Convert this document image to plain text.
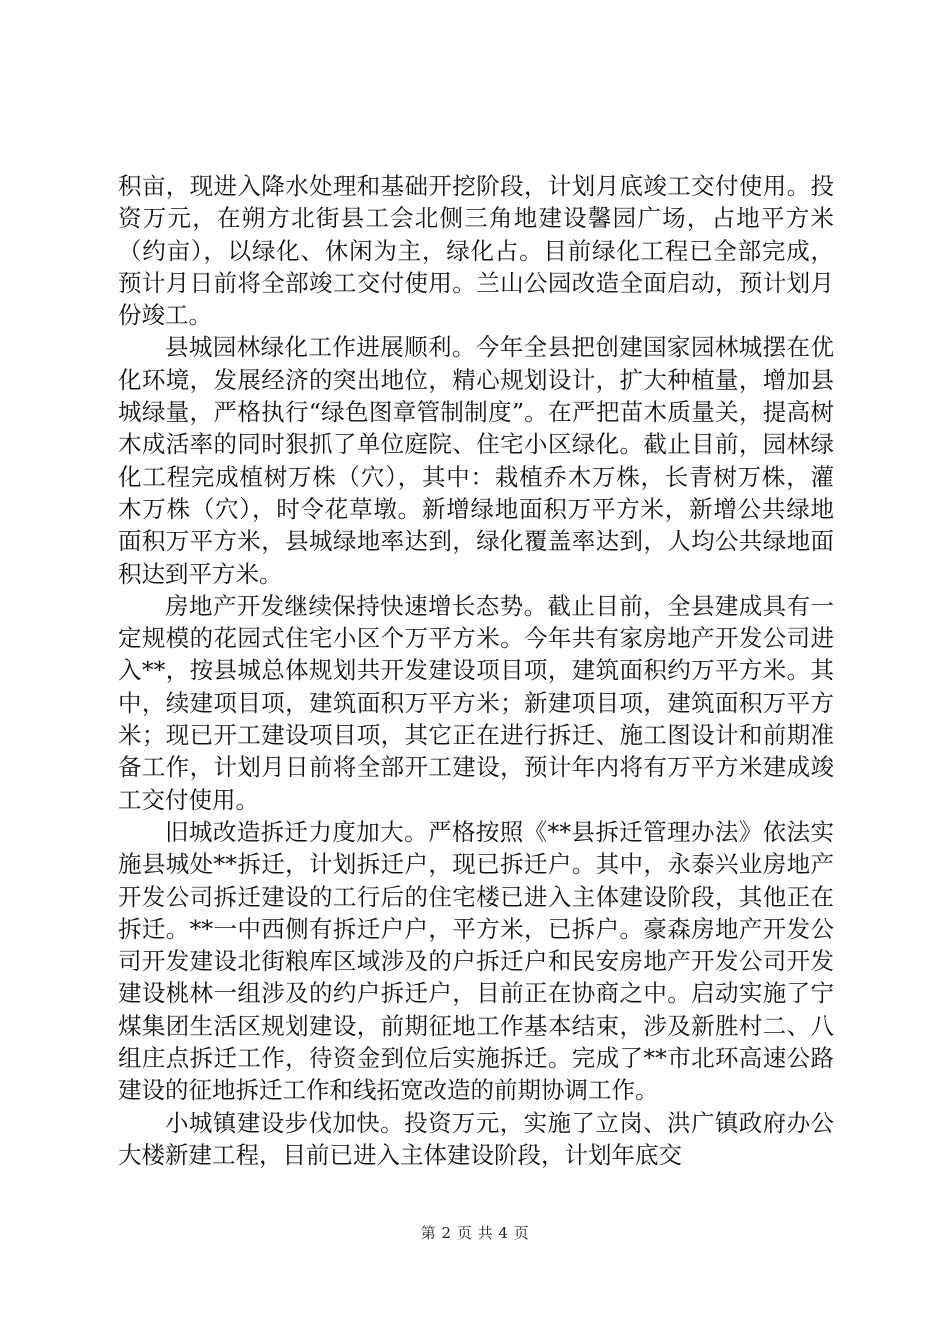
积亩，现进入降水处理和基础开挖阶段，计划月底竣工交付使用。投资万元，在朔方北街县工会北侧三角地建设馨园广场，占地平方米（约亩），以绿化、休闲为主，绿化占。目前绿化工程已全部完成，预计月日前将全部竣工交付使用。兰山公园改造全面启动，预计划月份竣工。

县城园林绿化工作进展顺利。今年全县把创建国家园林城摆在优化环境，发展经济的突出地位，精心规划设计，扩大种植量，增加县城绿量，严格执行“绿色图章管制制度”。在严把苗木质量关，提高树木成活率的同时狠抓了单位庭院、住宅小区绿化。截止目前，园林绿化工程完成植树万株（穴），其中：栽植乔木万株，长青树万株，灌木万株（穴），时令花草墩。新增绿地面积万平方米，新增公共绿地面积万平方米，县城绿地率达到，绿化覆盖率达到，人均公共绿地面积达到平方米。

房地产开发继续保持快速增长态势。截止目前，全县建成具有一定规模的花园式住宅小区个万平方米。今年共有家房地产开发公司进入**，按县城总体规划共开发建设项目项，建筑面积约万平方米。其中，续建项目项，建筑面积万平方米；新建项目项，建筑面积万平方米；现已开工建设项目项，其它正在进行拆迁、施工图设计和前期准备工作，计划月日前将全部开工建设，预计年内将有万平方米建成竣工交付使用。

旧城改造拆迁力度加大。严格按照《**县拆迁管理办法》依法实施县城处**拆迁，计划拆迁户，现已拆迁户。其中，永泰兴业房地产开发公司拆迁建设的工行后的住宅楼已进入主体建设阶段，其他正在拆迁。**一中西侧有拆迁户户，平方米，已拆户。豪森房地产开发公司开发建设北街粮库区域涉及的户拆迁户和民安房地产开发公司开发建设桃林一组涉及的约户拆迁户，目前正在协商之中。启动实施了宁煤集团生活区规划建设，前期征地工作基本结束，涉及新胜村二、八组庄点拆迁工作，待资金到位后实施拆迁。完成了**市北环高速公路建设的征地拆迁工作和线拓宽改造的前期协调工作。

小城镇建设步伐加快。投资万元，实施了立岗、洪广镇政府办公大楼新建工程，目前已进入主体建设阶段，计划年底交

第 2 页 共 4 页
